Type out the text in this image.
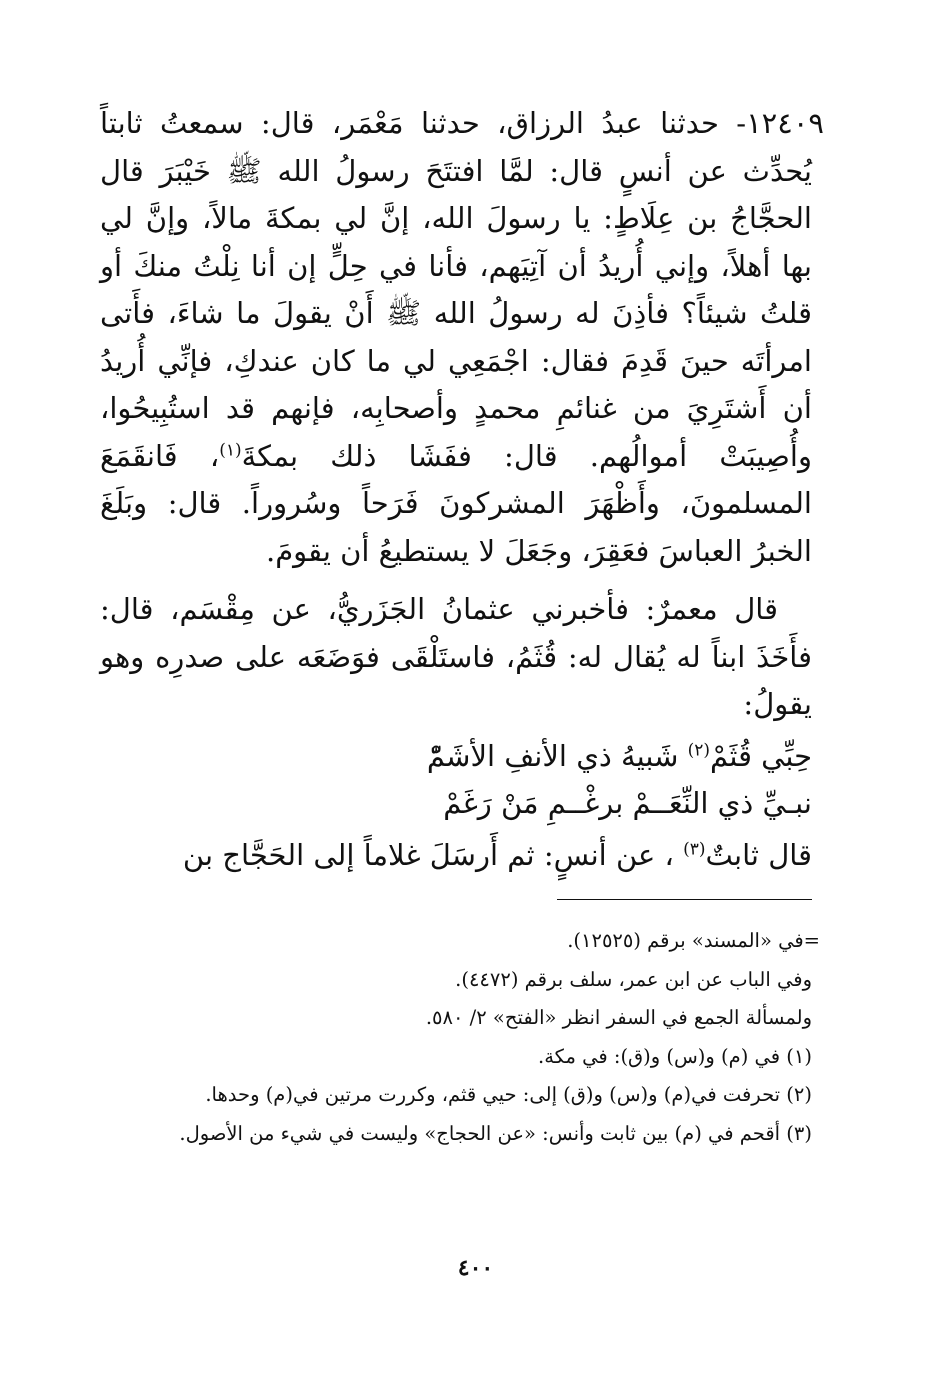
١٢٤٠٩- حدثنا عبدُ الرزاق، حدثنا مَعْمَر، قال: سمعتُ ثابتاً يُحدِّث عن أنسٍ قال: لمَّا افتتَحَ رسولُ الله ﷺ خَيْبَرَ قال الحجَّاجُ بن عِلَاطٍ: يا رسولَ الله، إنَّ لي بمكةَ مالاً، وإنَّ لي بها أهلاً، وإني أُريدُ أن آتِيَهم، فأنا في حِلٍّ إن أنا نِلْتُ منكَ أو قلتُ شيئاً؟ فأذِنَ له رسولُ الله ﷺ أَنْ يقولَ ما شاءَ، فأَتى امرأتَه حينَ قَدِمَ فقال: اجْمَعِي لي ما كان عندكِ، فإنِّي أُريدُ أن أَشتَرِيَ من غنائمِ محمدٍ وأصحابِه، فإنهم قد استُبِيحُوا، وأُصِيبَتْ أموالُهم. قال: ففَشَا ذلك بمكةَ$^{(١)}$، فَانقَمَعَ المسلمونَ، وأَظْهَرَ المشركونَ فَرَحاً وسُروراً. قال: وبَلَغَ الخبرُ العباسَ فعَقِرَ، وجَعَلَ لا يستطيعُ أن يقومَ.

قال معمرٌ: فأخبرني عثمانُ الجَزَريُّ، عن مِقْسَم، قال: فأَخَذَ ابناً له يُقال له: قُثَمُ، فاستَلْقَى فوَضَعَه على صدرِه وهو يقولُ:

حِبِّي قُثَمْ$^{(٢)}$ شَبيهُ ذي الأنفِ الأشَمّْ

نبـيِّ ذي النِّعَــمْ برغْــمِ مَنْ رَغَمْ

قال ثابتٌ$^{(٣)}$ ، عن أنسٍ: ثم أَرسَلَ غلاماً إلى الحَجَّاج بن

=في «المسند» برقم (١٢٥٢٥).

وفي الباب عن ابن عمر، سلف برقم (٤٤٧٢).

ولمسألة الجمع في السفر انظر «الفتح» ٢/ ٥٨٠.

(١) في (م) و(س) و(ق): في مكة.

(٢) تحرفت في(م) و(س) و(ق) إلى: حيي قثم، وكررت مرتين في(م) وحدها.

(٣) أقحم في (م) بين ثابت وأنس: «عن الحجاج» وليست في شيء من الأصول.

٤٠٠
